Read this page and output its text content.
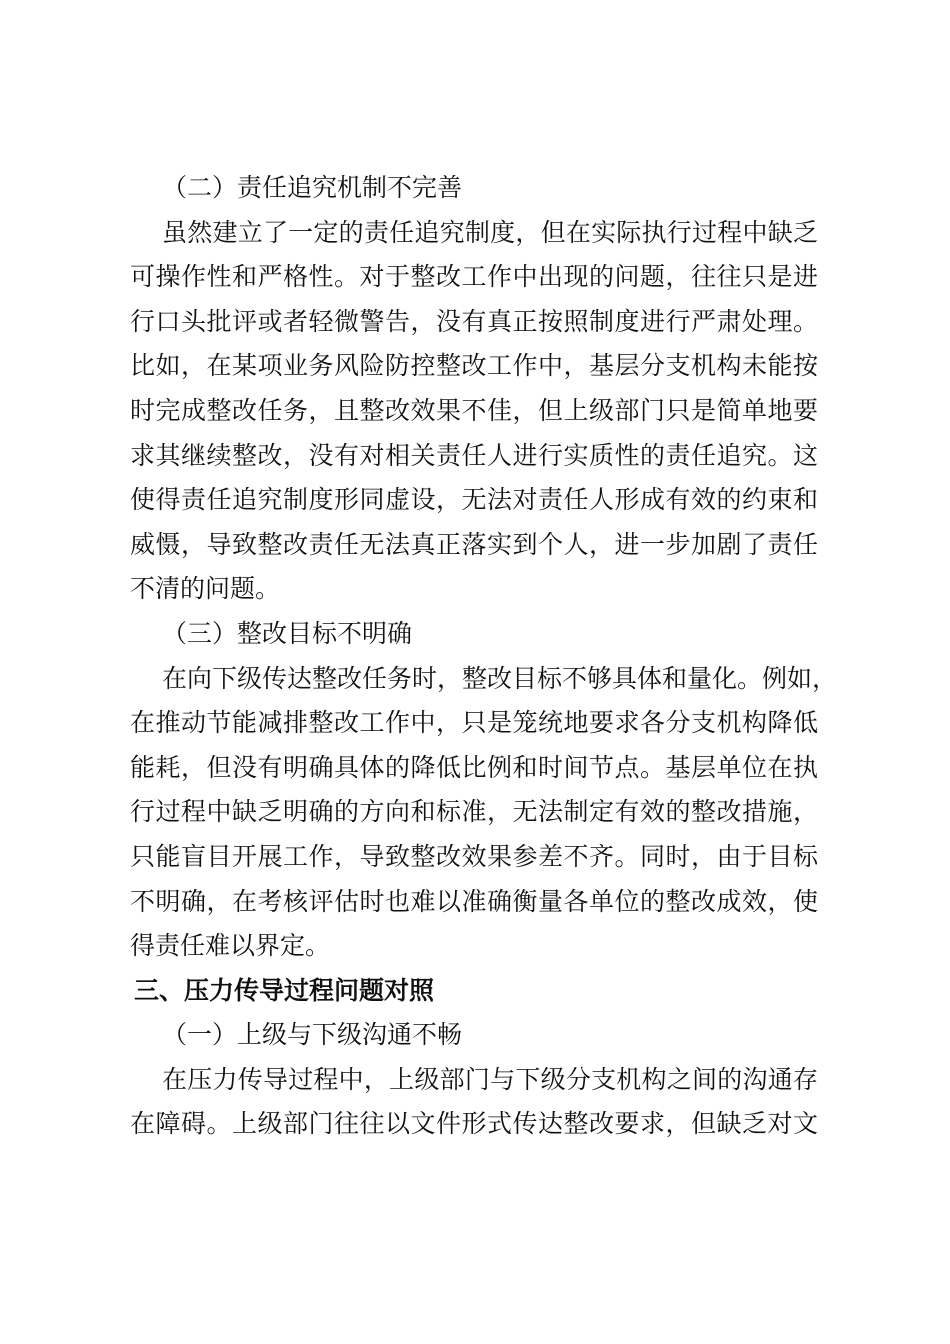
（二）责任追究机制不完善
虽然建立了一定的责任追究制度，但在实际执行过程中缺乏
可操作性和严格性。对于整改工作中出现的问题，往往只是进
行口头批评或者轻微警告，没有真正按照制度进行严肃处理。
比如，在某项业务风险防控整改工作中，基层分支机构未能按
时完成整改任务，且整改效果不佳，但上级部门只是简单地要
求其继续整改，没有对相关责任人进行实质性的责任追究。这
使得责任追究制度形同虚设，无法对责任人形成有效的约束和
威慑，导致整改责任无法真正落实到个人，进一步加剧了责任
不清的问题。
（三）整改目标不明确
在向下级传达整改任务时，整改目标不够具体和量化。例如，
在推动节能减排整改工作中，只是笼统地要求各分支机构降低
能耗，但没有明确具体的降低比例和时间节点。基层单位在执
行过程中缺乏明确的方向和标准，无法制定有效的整改措施，
只能盲目开展工作，导致整改效果参差不齐。同时，由于目标
不明确，在考核评估时也难以准确衡量各单位的整改成效，使
得责任难以界定。
三、压力传导过程问题对照
（一）上级与下级沟通不畅
在压力传导过程中，上级部门与下级分支机构之间的沟通存
在障碍。上级部门往往以文件形式传达整改要求，但缺乏对文
